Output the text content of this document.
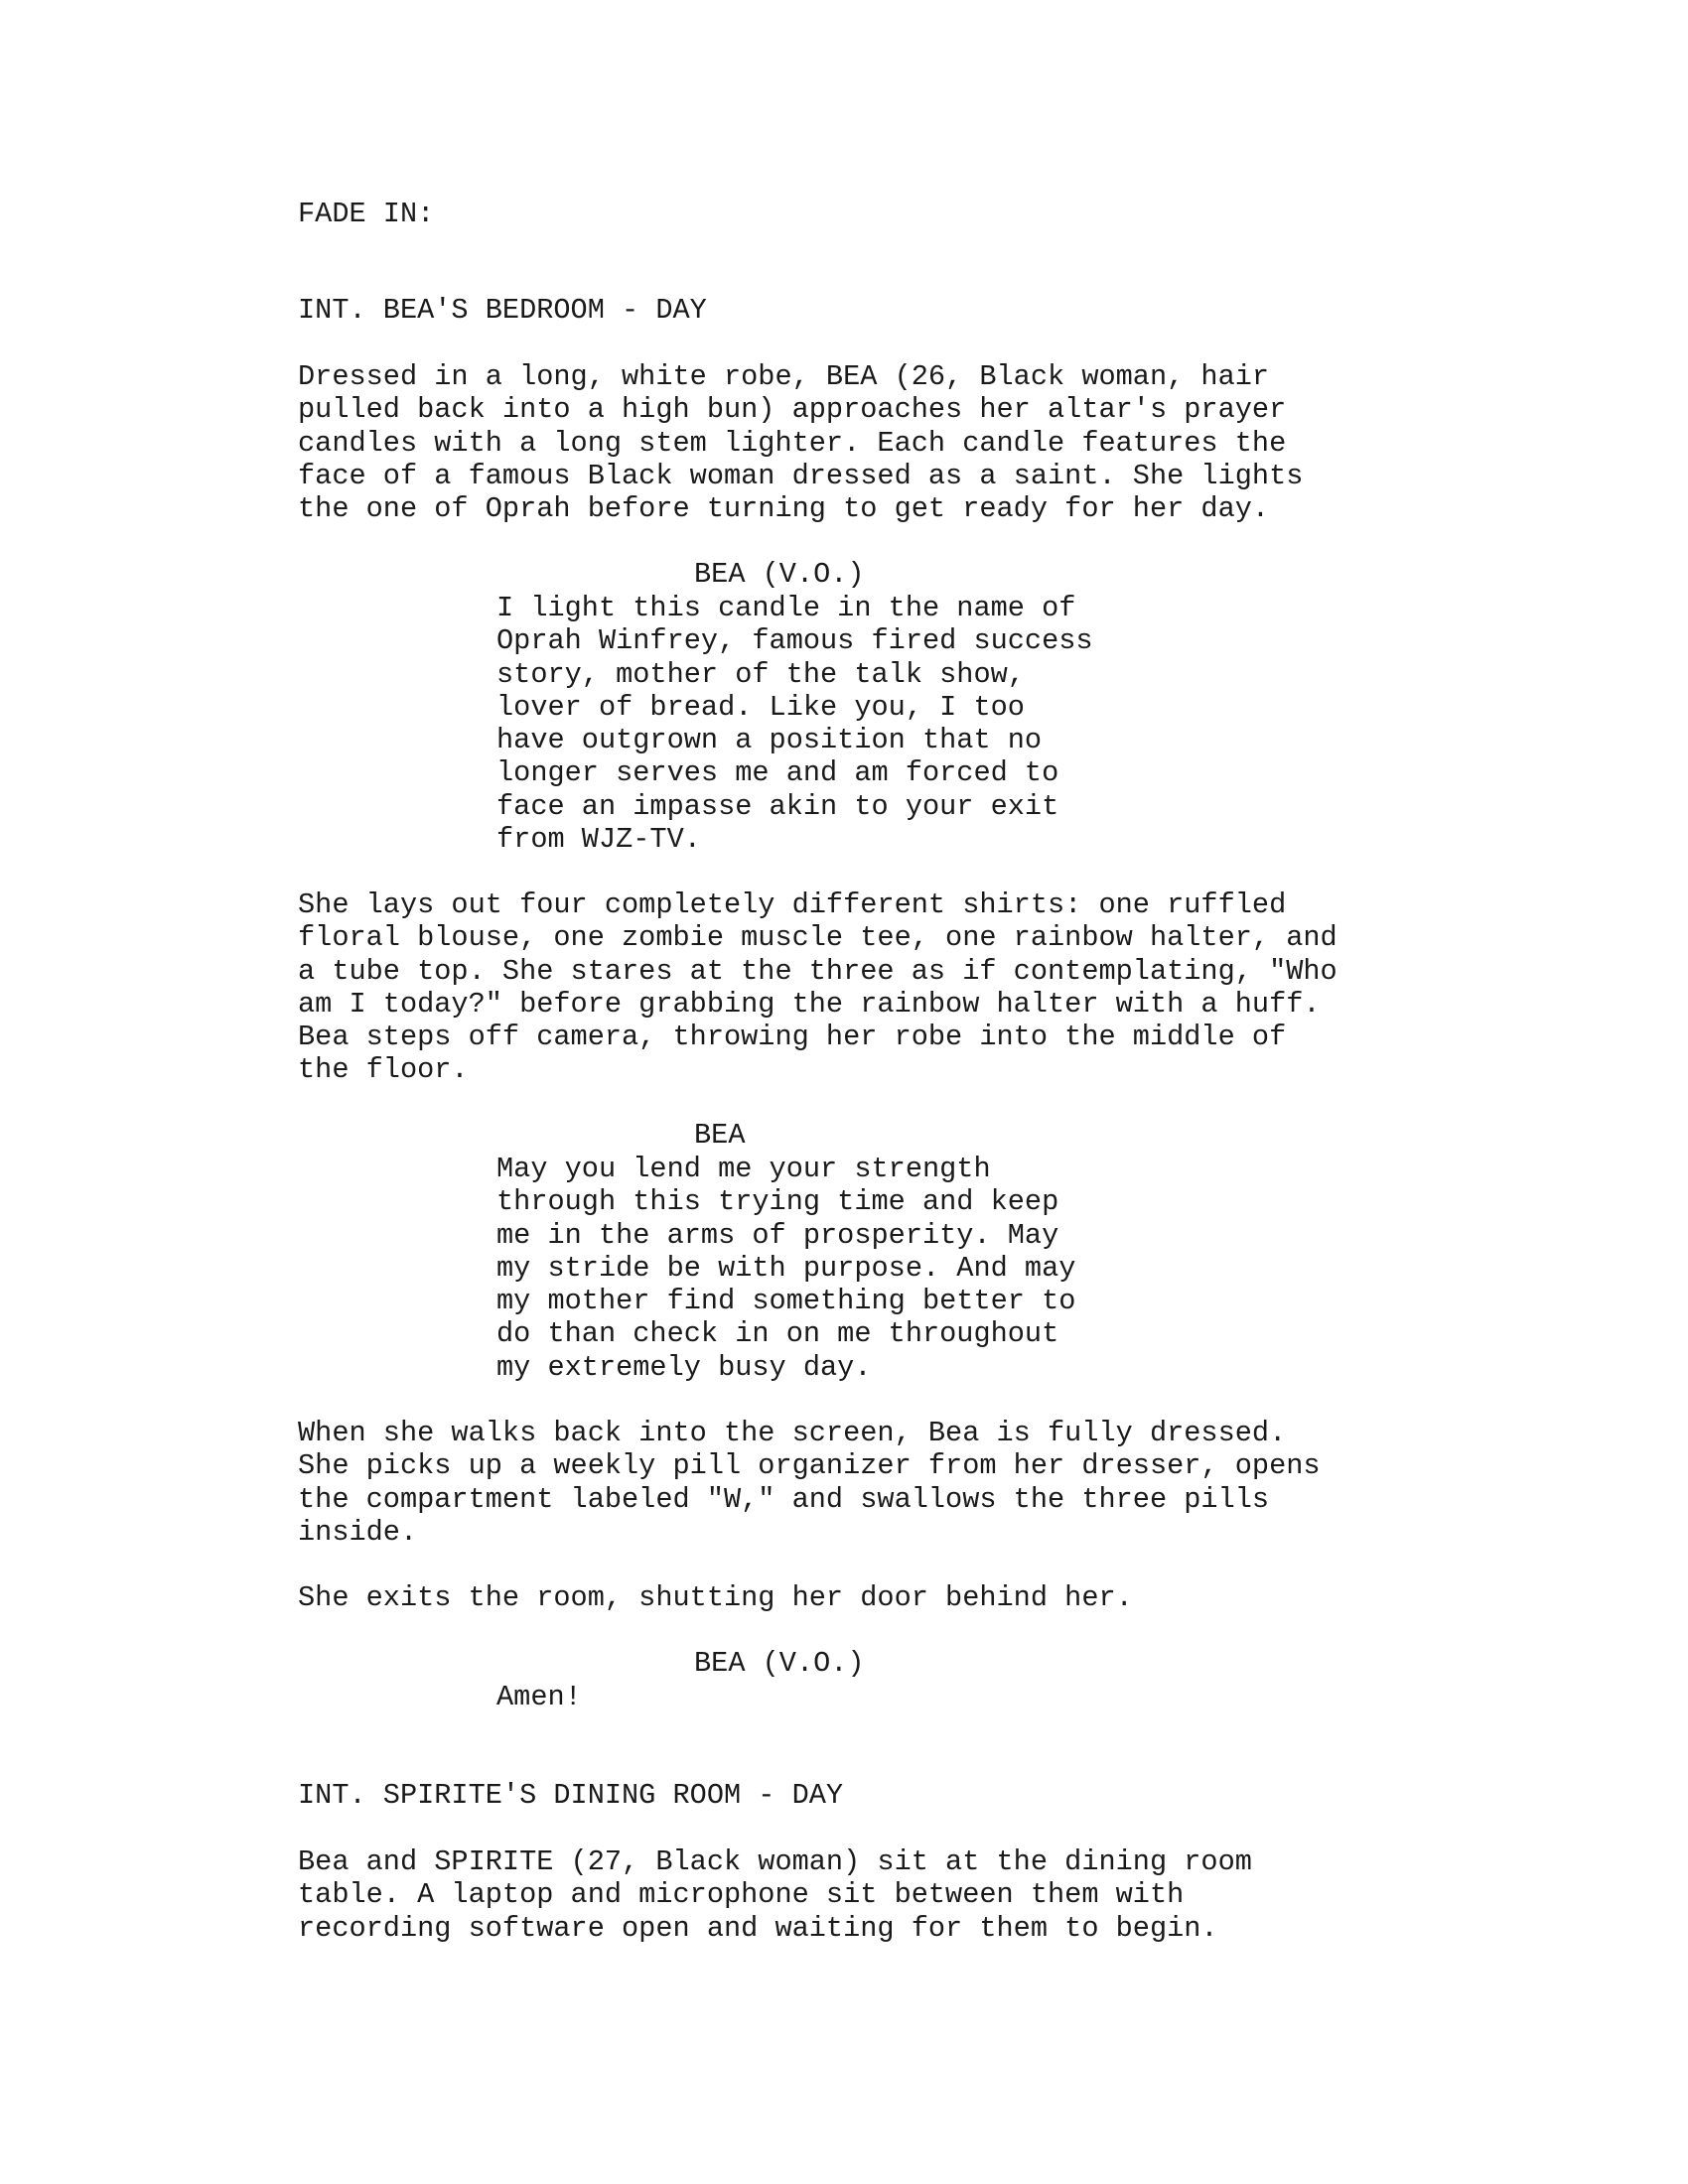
FADE IN:
INT. BEA'S BEDROOM - DAY
Dressed in a long, white robe, BEA (26, Black woman, hair
pulled back into a high bun) approaches her altar's prayer
candles with a long stem lighter. Each candle features the
face of a famous Black woman dressed as a saint. She lights
the one of Oprah before turning to get ready for her day.
BEA (V.O.)
I light this candle in the name of
Oprah Winfrey, famous fired success
story, mother of the talk show,
lover of bread. Like you, I too
have outgrown a position that no
longer serves me and am forced to
face an impasse akin to your exit
from WJZ-TV.
She lays out four completely different shirts: one ruffled
floral blouse, one zombie muscle tee, one rainbow halter, and
a tube top. She stares at the three as if contemplating, "Who
am I today?" before grabbing the rainbow halter with a huff.
Bea steps off camera, throwing her robe into the middle of
the floor.
BEA
May you lend me your strength
through this trying time and keep
me in the arms of prosperity. May
my stride be with purpose. And may
my mother find something better to
do than check in on me throughout
my extremely busy day.
When she walks back into the screen, Bea is fully dressed.
She picks up a weekly pill organizer from her dresser, opens
the compartment labeled "W," and swallows the three pills
inside.
She exits the room, shutting her door behind her.
BEA (V.O.)
Amen!
INT. SPIRITE'S DINING ROOM - DAY
Bea and SPIRITE (27, Black woman) sit at the dining room
table. A laptop and microphone sit between them with
recording software open and waiting for them to begin.
